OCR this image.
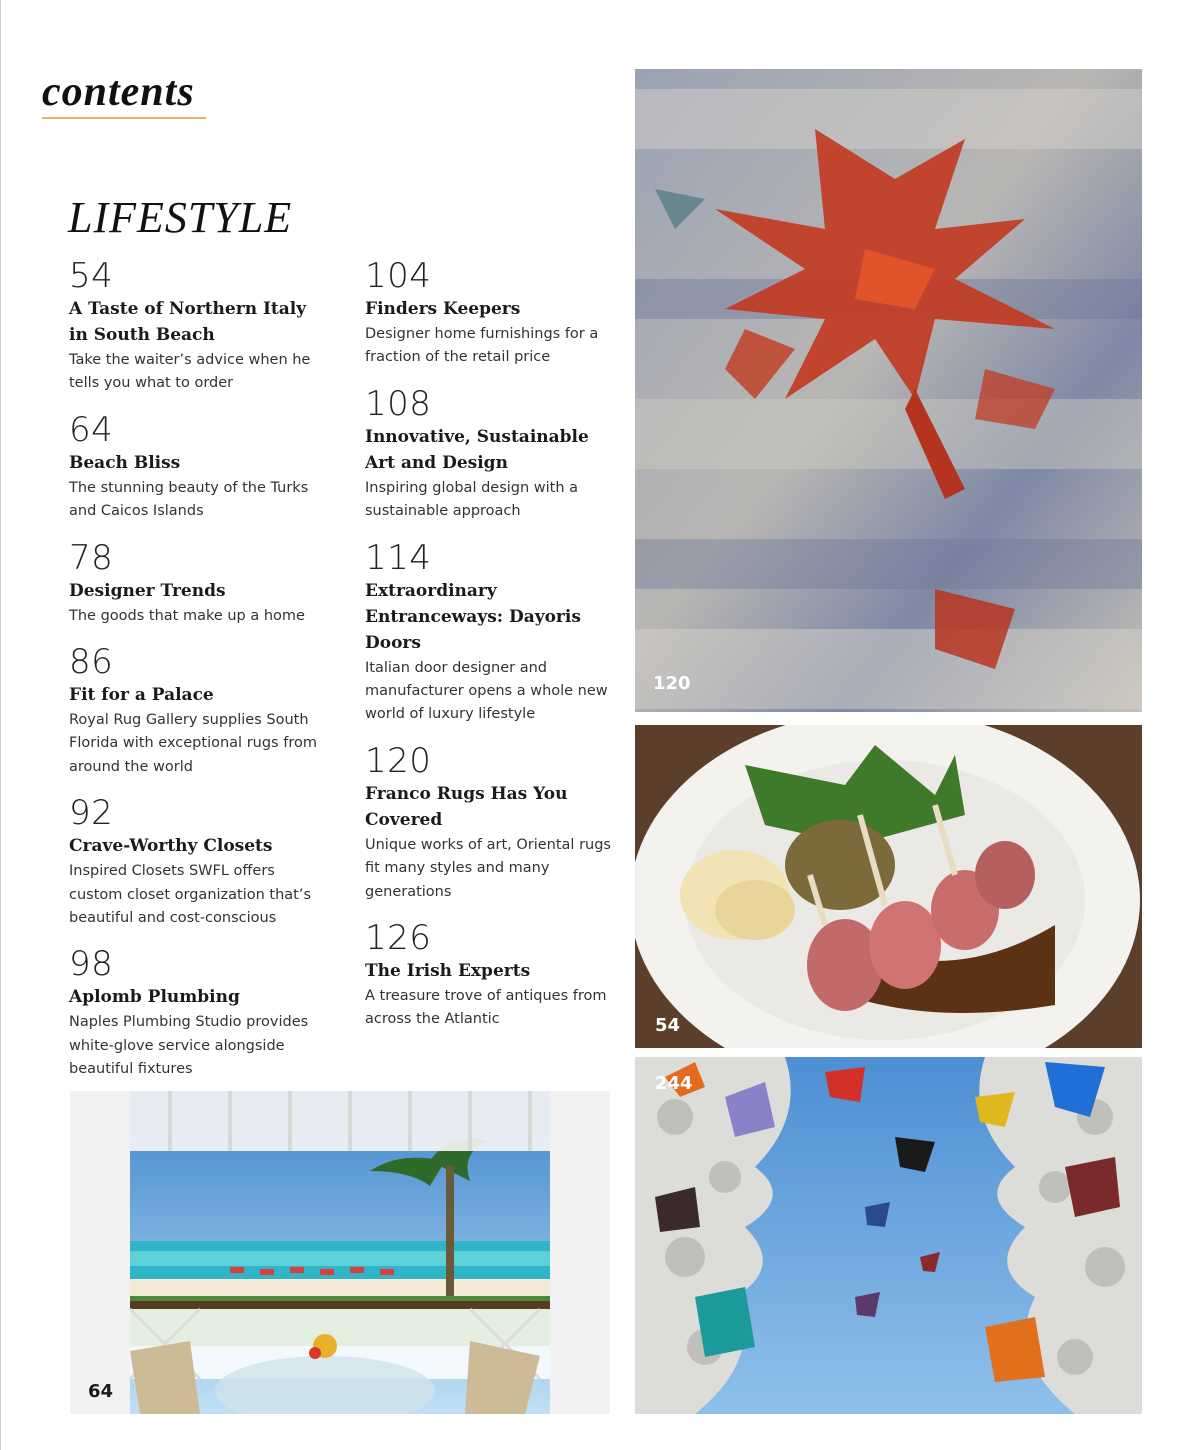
contents
LIFESTYLE
54
A Taste of Northern Italy in South Beach
Take the waiter’s advice when he tells you what to order
64
Beach Bliss
The stunning beauty of the Turks and Caicos Islands
78
Designer Trends
The goods that make up a home
86
Fit for a Palace
Royal Rug Gallery supplies South Florida with exceptional rugs from around the world
92
Crave-Worthy Closets
Inspired Closets SWFL offers custom closet organization that’s beautiful and cost-conscious
98
Aplomb Plumbing
Naples Plumbing Studio provides white-glove service alongside beautiful fixtures
104
Finders Keepers
Designer home furnishings for a fraction of the retail price
108
Innovative, Sustainable Art and Design
Inspiring global design with a sustainable approach
114
Extraordinary Entranceways: Dayoris Doors
Italian door designer and manufacturer opens a whole new world of luxury lifestyle
120
Franco Rugs Has You Covered
Unique works of art, Oriental rugs fit many styles and many generations
126
The Irish Experts
A treasure trove of antiques from across the Atlantic
120
54
244
64
